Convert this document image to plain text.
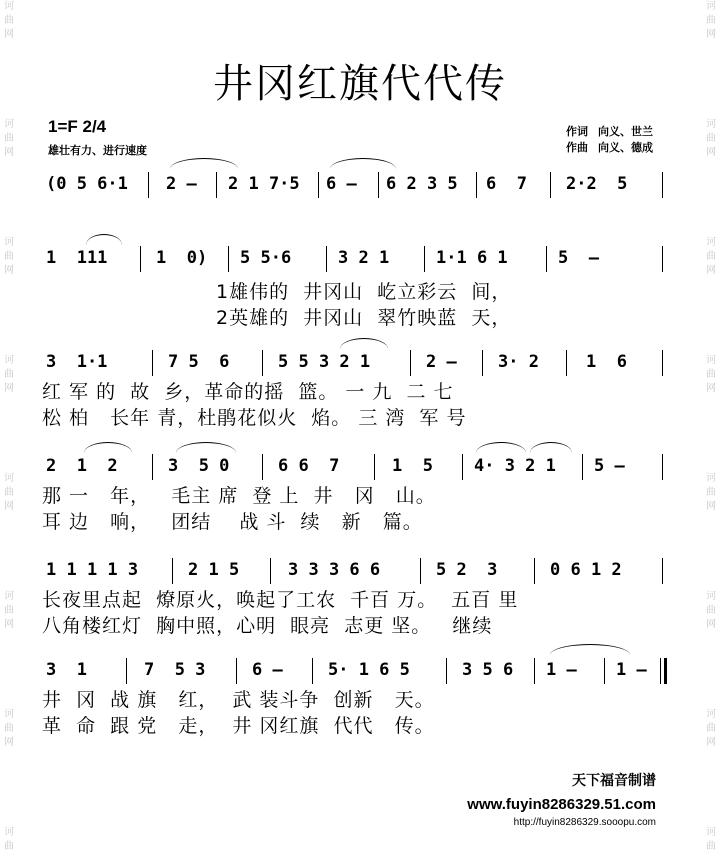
诃
曲
网
诃
曲
网
诃
曲
网
诃
曲
网
诃
曲
网
诃
曲
网
诃
曲
网
诃
曲
诃
曲
网
诃
曲
网
诃
曲
网
诃
曲
网
诃
曲
网
诃
曲
网
诃
曲
网
诃
曲
井冈红旗代代传
1=F 2/4
雄壮有力、进行速度
作词 向义、世兰
作曲 向义、德成
(0 5 6·1 2 – 2 1 7·5 6 – 6 2 3 5 6  7 2·2  5
1  111	1  0) 5 5·6	3 2 1	1·1 6 1	5  –
1雄伟的  井冈山  屹立彩云  间，
2英雄的  井冈山  翠竹映蓝  天，
3  1·1	7 5  6	5 5 3 2 1	2 – 3· 2	1  6
红 军 的  故  乡，革命的摇  篮。 一 九  二 七
松 柏   长年 青，杜鹃花似火  焰。 三 湾  军 号
2  1  2	3  5 0	6 6  7	1  5 4· 3 2 1 5 –
那 一   年，   毛主 席  登 上  井   冈   山。
耳 边   响，   团结    战 斗  续   新   篇。
1 1 1 1 3	2 1 5	3 3 3 6 6	5 2  3	0 6 1 2
长夜里点起  燎原火，唤起了工农  千百 万。  五百 里
八角楼红灯  胸中照，心明  眼亮  志更 坚。   继续
3  1	7  5 3	6 –	5· 1 6 5	3 5 6 1 – 1 –
井  冈  战 旗   红，  武 装斗争  创新   天。
革  命  跟 党   走，  井 冈红旗  代代   传。
天下福音制谱
www.fuyin8286329.51.com
http://fuyin8286329.sooopu.com
